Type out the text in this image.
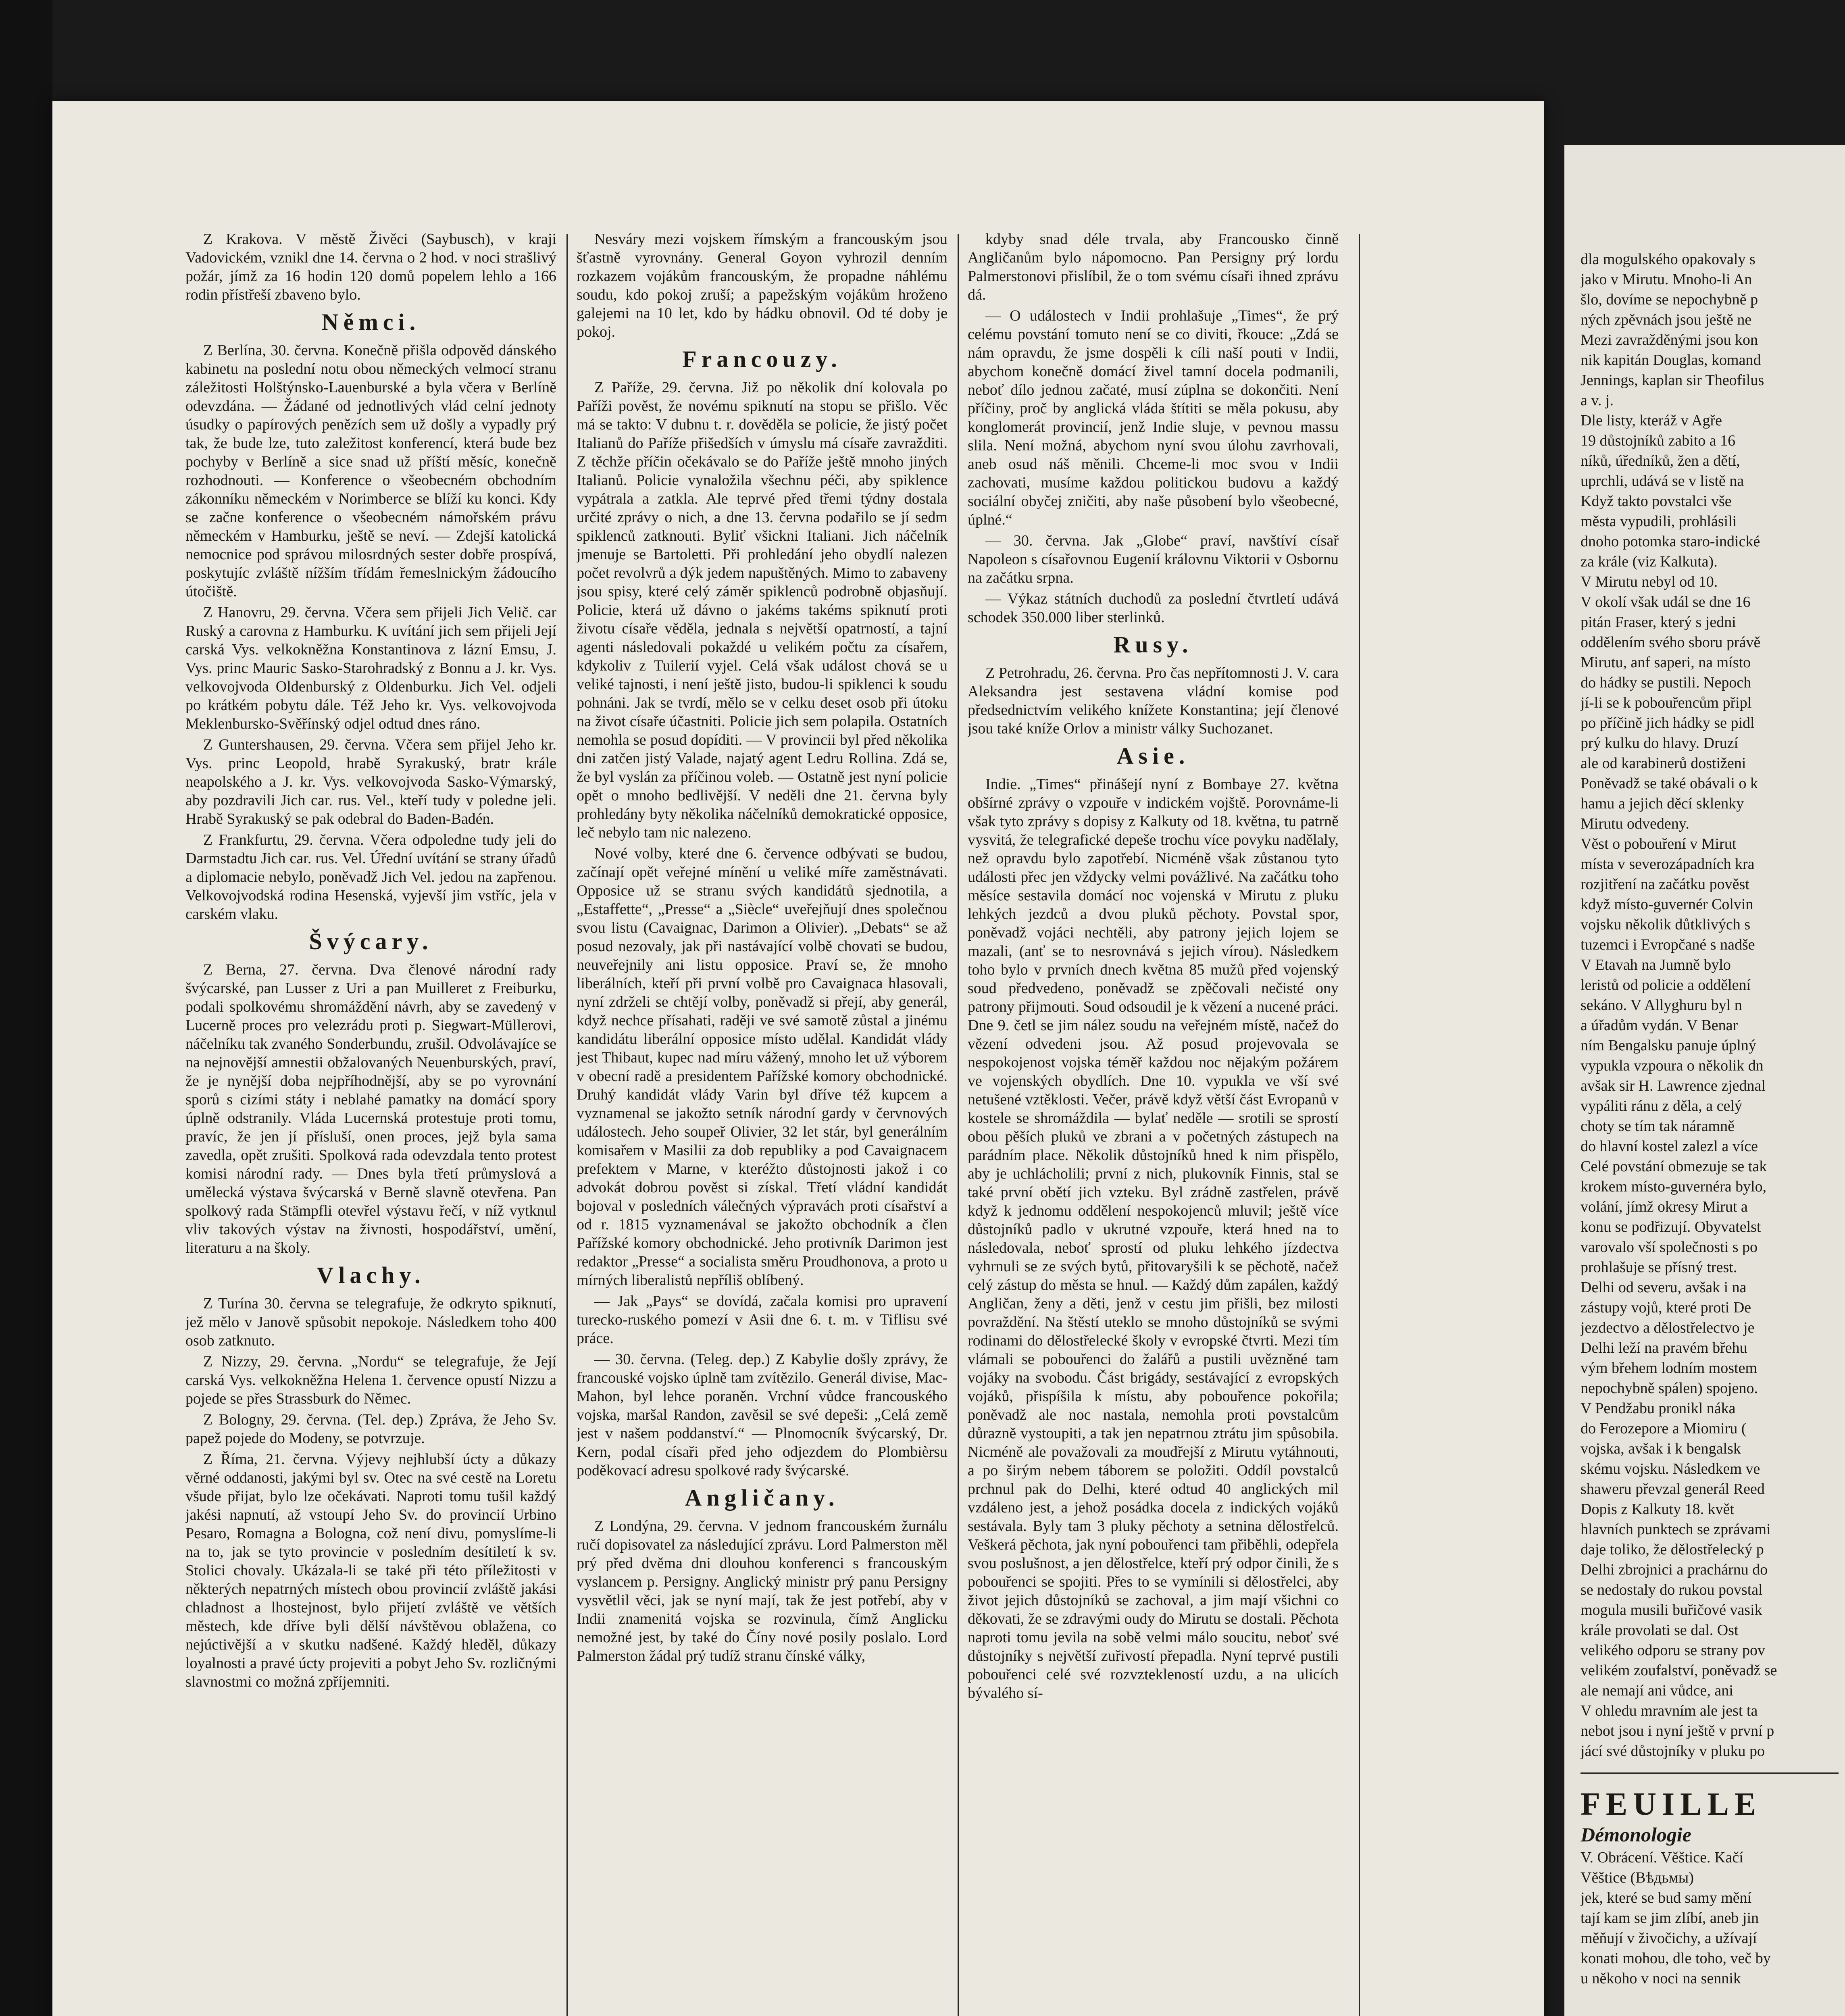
Z Krakova. V městě Živěci (Saybusch), v kraji Vadovickém, vznikl dne 14. června o 2 hod. v noci strašlivý požár, jímž za 16 hodin 120 domů popelem lehlo a 166 rodin přístřeší zbaveno bylo.

Němci.

Z Berlína, 30. června. Konečně přišla odpověd dánského kabinetu na poslední notu obou německých velmocí stranu záležitosti Holštýnsko-Lauenburské a byla včera v Berlíně odevzdána. — Žádané od jednotlivých vlád celní jednoty úsudky o papírových penězích sem už došly a vypadly prý tak, že bude lze, tuto zaležitost konferencí, která bude bez pochyby v Berlíně a sice snad už příští měsíc, konečně rozhodnouti. — Konference o všeobecném obchodním zákonníku německém v Norimberce se blíží ku konci. Kdy se začne konference o všeobecném námořském právu německém v Hamburku, ještě se neví. — Zdejší katolická nemocnice pod správou milosrdných sester dobře prospívá, poskytujíc zvláště nížším třídám řemeslnickým žádoucího útočiště.

Z Hanovru, 29. června. Včera sem přijeli Jich Velič. car Ruský a carovna z Hamburku. K uvítání jich sem přijeli Její carská Vys. velkokněžna Konstantinova z lázní Emsu, J. Vys. princ Mauric Sasko-Starohradský z Bonnu a J. kr. Vys. velkovojvoda Oldenburský z Oldenburku. Jich Vel. odjeli po krátkém pobytu dále. Též Jeho kr. Vys. velkovojvoda Meklenbursko-Svěřínský odjel odtud dnes ráno.

Z Guntershausen, 29. června. Včera sem přijel Jeho kr. Vys. princ Leopold, hrabě Syrakuský, bratr krále neapolského a J. kr. Vys. velkovojvoda Sasko-Výmarský, aby pozdravili Jich car. rus. Vel., kteří tudy v poledne jeli. Hrabě Syrakuský se pak odebral do Baden-Badén.

Z Frankfurtu, 29. června. Včera odpoledne tudy jeli do Darmstadtu Jich car. rus. Vel. Úřední uvítání se strany úřadů a diplomacie nebylo, poněvadž Jich Vel. jedou na zapřenou. Velkovojvodská rodina Hesenská, vyjevší jim vstříc, jela v carském vlaku.

Švýcary.

Z Berna, 27. června. Dva členové národní rady švýcarské, pan Lusser z Uri a pan Muilleret z Freiburku, podali spolkovému shromáždění návrh, aby se zavedený v Lucerně proces pro velezrádu proti p. Siegwart-Müllerovi, náčelníku tak zvaného Sonderbundu, zrušil. Odvolávajíce se na nejnovější amnestii obžalovaných Neuenburských, praví, že je nynější doba nejpříhodnější, aby se po vyrovnání sporů s cizími státy i neblahé pamatky na domácí spory úplně odstranily. Vláda Lucernská protestuje proti tomu, pravíc, že jen jí přísluší, onen proces, jejž byla sama zavedla, opět zrušiti. Spolková rada odevzdala tento protest komisi národní rady. — Dnes byla třetí průmyslová a umělecká výstava švýcarská v Berně slavně otevřena. Pan spolkový rada Stämpfli otevřel výstavu řečí, v níž vytknul vliv takových výstav na živnosti, hospodářství, umění, literaturu a na školy.

Vlachy.

Z Turína 30. června se telegrafuje, že odkryto spiknutí, jež mělo v Janově spůsobit nepokoje. Následkem toho 400 osob zatknuto.

Z Nizzy, 29. června. „Nordu“ se telegrafuje, že Její carská Vys. velkokněžna Helena 1. července opustí Nizzu a pojede se přes Strassburk do Němec.

Z Bologny, 29. června. (Tel. dep.) Zpráva, že Jeho Sv. papež pojede do Modeny, se potvrzuje.

Z Říma, 21. června. Výjevy nejhlubší úcty a důkazy věrné oddanosti, jakými byl sv. Otec na své cestě na Loretu všude přijat, bylo lze očekávati. Naproti tomu tušil každý jakési napnutí, až vstoupí Jeho Sv. do provincií Urbino Pesaro, Romagna a Bologna, což není divu, pomyslíme-li na to, jak se tyto provincie v posledním desítiletí k sv. Stolici chovaly. Ukázala-li se také při této příležitosti v některých nepatrných místech obou provincií zvláště jakási chladnost a lhostejnost, bylo přijetí zvláště ve větších městech, kde dříve byli dělší návštěvou oblažena, co nejúctivější a v skutku nadšené. Každý hleděl, důkazy loyalnosti a pravé úcty projeviti a pobyt Jeho Sv. rozličnými slavnostmi co možná zpříjemniti.

Nesváry mezi vojskem římským a francouským jsou šťastně vyrovnány. General Goyon vyhrozil denním rozkazem vojákům francouským, že propadne náhlému soudu, kdo pokoj zruší; a papežským vojákům hroženo galejemi na 10 let, kdo by hádku obnovil. Od té doby je pokoj.

Francouzy.

Z Paříže, 29. června. Již po několik dní kolovala po Paříži pověst, že novému spiknutí na stopu se přišlo. Věc má se takto: V dubnu t. r. dověděla se policie, že jistý počet Italianů do Paříže přišedších v úmyslu má císaře zavražditi. Z těchže příčin očekávalo se do Paříže ještě mnoho jiných Italianů. Policie vynaložila všechnu péči, aby spiklence vypátrala a zatkla. Ale teprvé před třemi týdny dostala určité zprávy o nich, a dne 13. června podařilo se jí sedm spiklenců zatknouti. Byliť všickni Italiani. Jich náčelník jmenuje se Bartoletti. Při prohledání jeho obydlí nalezen počet revolvrů a dýk jedem napuštěných. Mimo to zabaveny jsou spisy, které celý záměr spiklenců podrobně objasňují. Policie, která už dávno o jakéms takéms spiknutí proti životu císaře věděla, jednala s největší opatrností, a tajní agenti následovali pokaždé u velikém počtu za císařem, kdykoliv z Tuilerií vyjel. Celá však událost chová se u veliké tajnosti, i není ještě jisto, budou-li spiklenci k soudu pohnáni. Jak se tvrdí, mělo se v celku deset osob při útoku na život císaře účastniti. Policie jich sem polapila. Ostatních nemohla se posud dopíditi. — V provincii byl před několika dni zatčen jistý Valade, najatý agent Ledru Rollina. Zdá se, že byl vyslán za příčinou voleb. — Ostatně jest nyní policie opět o mnoho bedlivější. V neděli dne 21. června byly prohledány byty několika náčelníků demokratické opposice, leč nebylo tam nic nalezeno.

Nové volby, které dne 6. července odbývati se budou, začínají opět veřejné mínění u veliké míře zaměstnávati. Opposice už se stranu svých kandidátů sjednotila, a „Estaffette“, „Presse“ a „Siècle“ uveřejňují dnes společnou svou listu (Cavaignac, Darimon a Olivier). „Debats“ se až posud nezovaly, jak při nastávající volbě chovati se budou, neuveřejnily ani listu opposice. Praví se, že mnoho liberálních, kteří při první volbě pro Cavaignaca hlasovali, nyní zdrželi se chtějí volby, poněvadž si přejí, aby generál, když nechce přísahati, raději ve své samotě zůstal a jinému kandidátu liberální opposice místo udělal. Kandidát vlády jest Thibaut, kupec nad míru vážený, mnoho let už výborem v obecní radě a presidentem Pařížské komory obchodnické. Druhý kandidát vlády Varin byl dříve též kupcem a vyznamenal se jakožto setník národní gardy v červnových událostech. Jeho soupeř Olivier, 32 let stár, byl generálním komisařem v Masilii za dob republiky a pod Cavaignacem prefektem v Marne, v kteréžto důstojnosti jakož i co advokát dobrou pověst si získal. Třetí vládní kandidát bojoval v posledních válečných výpravách proti císařství a od r. 1815 vyznamenával se jakožto obchodník a člen Pařížské komory obchodnické. Jeho protivník Darimon jest redaktor „Presse“ a socialista směru Proudhonova, a proto u mírných liberalistů nepříliš oblíbený.

— Jak „Pays“ se dovídá, začala komisi pro upravení turecko-ruského pomezí v Asii dne 6. t. m. v Tiflisu své práce.

— 30. června. (Teleg. dep.) Z Kabylie došly zprávy, že francouské vojsko úplně tam zvítězilo. Generál divise, Mac-Mahon, byl lehce poraněn. Vrchní vůdce francouského vojska, maršal Randon, zavěsil se své depeši: „Celá země jest v našem poddanství.“ — Plnomocník švýcarský, Dr. Kern, podal císaři před jeho odjezdem do Plombièrsu poděkovací adresu spolkové rady švýcarské.

Angličany.

Z Londýna, 29. června. V jednom francouském žurnálu ručí dopisovatel za následující zprávu. Lord Palmerston měl prý před dvěma dni dlouhou konferenci s francouským vyslancem p. Persigny. Anglický ministr prý panu Persigny vysvětlil věci, jak se nyní mají, tak že jest potřebí, aby v Indii znamenitá vojska se rozvinula, čímž Anglicku nemožné jest, by také do Číny nové posily poslalo. Lord Palmerston žádal prý tudíž stranu čínské války,

kdyby snad déle trvala, aby Francousko činně Angličanům bylo nápomocno. Pan Persigny prý lordu Palmerstonovi přislíbil, že o tom svému císaři ihned zprávu dá.

— O událostech v Indii prohlašuje „Times“, že prý celému povstání tomuto není se co diviti, řkouce: „Zdá se nám opravdu, že jsme dospěli k cíli naší pouti v Indii, abychom konečně domácí živel tamní docela podmanili, neboť dílo jednou začaté, musí zúplna se dokončiti. Není příčiny, proč by anglická vláda štítiti se měla pokusu, aby konglomerát provincií, jenž Indie sluje, v pevnou massu slila. Není možná, abychom nyní svou úlohu zavrhovali, aneb osud náš měnili. Chceme-li moc svou v Indii zachovati, musíme každou politickou budovu a každý sociální obyčej zničiti, aby naše působení bylo všeobecné, úplné.“

— 30. června. Jak „Globe“ praví, navštíví císař Napoleon s císařovnou Eugenií královnu Viktorii v Osbornu na začátku srpna.

— Výkaz státních duchodů za poslední čtvrtletí udává schodek 350.000 liber sterlinků.

Rusy.

Z Petrohradu, 26. června. Pro čas nepřítomnosti J. V. cara Aleksandra jest sestavena vládní komise pod předsednictvím velikého knížete Konstantina; její členové jsou také kníže Orlov a ministr války Suchozanet.

Asie.

Indie. „Times“ přinášejí nyní z Bombaye 27. května obšírné zprávy o vzpouře v indickém vojště. Porovnáme-li však tyto zprávy s dopisy z Kalkuty od 18. května, tu patrně vysvitá, že telegrafické depeše trochu více povyku nadělaly, než opravdu bylo zapotřebí. Nicméně však zůstanou tyto události přec jen vždycky velmi povážlivé. Na začátku toho měsíce sestavila domácí noc vojenská v Mirutu z pluku lehkých jezdců a dvou pluků pěchoty. Povstal spor, poněvadž vojáci nechtěli, aby patrony jejich lojem se mazali, (anť se to nesrovnává s jejich vírou). Následkem toho bylo v prvních dnech května 85 mužů před vojenský soud předvedeno, poněvadž se zpěčovali nečisté ony patrony přijmouti. Soud odsoudil je k vězení a nucené práci. Dne 9. četl se jim nález soudu na veřejném místě, načež do vězení odvedeni jsou. Až posud projevovala se nespokojenost vojska téměř každou noc nějakým požárem ve vojenských obydlích. Dne 10. vypukla ve vší své netušené vztěklosti. Večer, právě když větší část Evropanů v kostele se shromáždila — bylať neděle — srotili se sprostí obou pěších pluků ve zbrani a v početných zástupech na parádním place. Několik důstojníků hned k nim přispělo, aby je uchlácholili; první z nich, plukovník Finnis, stal se také první obětí jich vzteku. Byl zrádně zastřelen, právě když k jednomu oddělení nespokojenců mluvil; ještě více důstojníků padlo v ukrutné vzpouře, která hned na to následovala, neboť sprostí od pluku lehkého jízdectva vyhrnuli se ze svých bytů, přitovaryšili k se pěchotě, načež celý zástup do města se hnul. — Každý dům zapálen, každý Angličan, ženy a děti, jenž v cestu jim přišli, bez milosti povraždění. Na štěstí uteklo se mnoho důstojníků se svými rodinami do dělostřelecké školy v evropské čtvrti. Mezi tím vlámali se pobouřenci do žalářů a pustili uvězněné tam vojáky na svobodu. Část brigády, sestávající z evropských vojáků, přispíšila k místu, aby pobouřence pokořila; poněvadž ale noc nastala, nemohla proti povstalcům důrazně vystoupiti, a tak jen nepatrnou ztrátu jim spůsobila. Nicméně ale považovali za moudřejší z Mirutu vytáhnouti, a po širým nebem táborem se položiti. Oddíl povstalců prchnul pak do Delhi, které odtud 40 anglických mil vzdáleno jest, a jehož posádka docela z indických vojáků sestávala. Byly tam 3 pluky pěchoty a setnina dělostřelců. Veškerá pěchota, jak nyní pobouřenci tam přiběhli, odepřela svou poslušnost, a jen dělostřelce, kteří prý odpor činili, že s pobouřenci se spojiti. Přes to se vymínili si dělostřelci, aby život jejich důstojníků se zachoval, a jim mají všichni co děkovati, že se zdravými oudy do Mirutu se dostali. Pěchota naproti tomu jevila na sobě velmi málo soucitu, neboť své důstojníky s největší zuřivostí přepadla. Nyní teprvé pustili pobouřenci celé své rozvztekleností uzdu, a na ulicích bývalého sí-

dla mogulského opakovaly s

jako v Mirutu. Mnoho-li An

šlo, dovíme se nepochybně p

ných zpěvnách jsou ještě ne

Mezi zavražděnými jsou kon

nik kapitán Douglas, komand

Jennings, kaplan sir Theofilus

a v. j.

Dle listy, kteráž v Agře

19 důstojníků zabito a 16

níků, úředníků, žen a dětí,

uprchli, udává se v listě na

Když takto povstalci vše

města vypudili, prohlásili

dnoho potomka staro-indické

za krále (viz Kalkuta).

V Mirutu nebyl od 10.

V okolí však udál se dne 16

pitán Fraser, který s jedni

oddělením svého sboru právě

Mirutu, anf saperi, na místo

do hádky se pustili. Nepoch

jí-li se k pobouřencům připl

po příčině jich hádky se pidl

prý kulku do hlavy. Druzí

ale od karabinerů dostiženi

Poněvadž se také obávali o k

hamu a jejich děcí sklenky

Mirutu odvedeny.

Věst o pobouření v Mirut

místa v severozápadních kra

rozjitření na začátku pověst

když místo-guvernér Colvin

vojsku několik důtklivých s

tuzemci i Evropčané s nadše

V Etavah na Jumně bylo

leristů od policie a oddělení

sekáno. V Allyghuru byl n

a úřadům vydán. V Benar

ním Bengalsku panuje úplný

vypukla vzpoura o několik dn

avšak sir H. Lawrence zjednal

vypáliti ránu z děla, a celý

choty se tím tak náramně

do hlavní kostel zalezl a více

Celé povstání obmezuje se tak

krokem místo-guvernéra bylo,

volání, jímž okresy Mirut a

konu se podřizují. Obyvatelst

varovalo vší společnosti s po

prohlašuje se přísný trest.

Delhi od severu, avšak i na

zástupy vojů, které proti De

jezdectvo a dělostřelectvo je

Delhi leží na pravém břehu

vým břehem lodním mostem

nepochybně spálen) spojeno.

V Pendžabu pronikl náka

do Ferozepore a Miomiru (

vojska, avšak i k bengalsk

skému vojsku. Následkem ve

shaweru převzal generál Reed

Dopis z Kalkuty 18. květ

hlavních punktech se zprávami

daje toliko, že dělostřelecký p

Delhi zbrojnici a prachárnu do

se nedostaly do rukou povstal

mogula musili buřičové vasik

krále provolati se dal. Ost

velikého odporu se strany pov

velikém zoufalství, poněvadž se

ale nemají ani vůdce, ani

V ohledu mravním ale jest ta

nebot jsou i nyní ještě v první p

jácí své důstojníky v pluku po

FEUILLE

Démonologie

V. Obrácení. Věštice. Kačí

Věštice (Вѣдьмы)

jek, které se bud samy mění

tají kam se jim zlíbí, aneb jin

měňují v živočichy, a užívají

konati mohou, dle toho, več by

u někoho v noci na sennik
